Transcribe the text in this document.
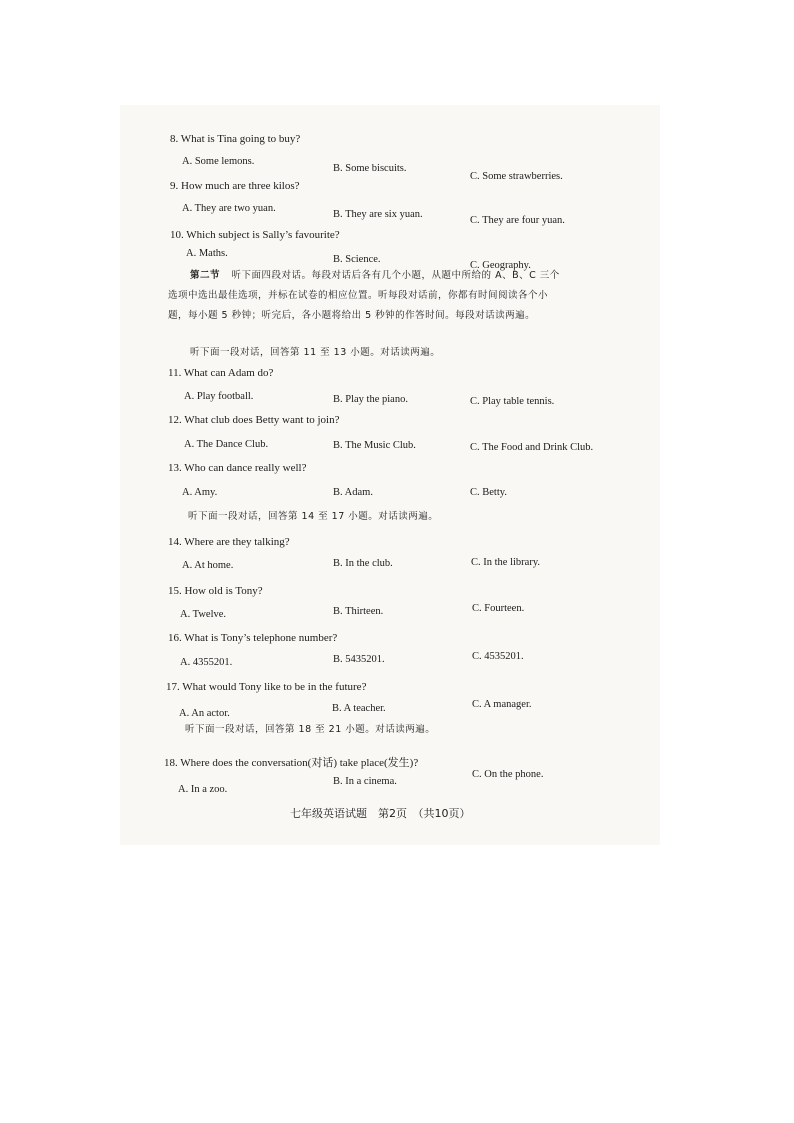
8. What is Tina going to buy?
A. Some lemons.
B. Some biscuits.
C. Some strawberries.
9. How much are three kilos?
A. They are two yuan.
B. They are six yuan.
C. They are four yuan.
10. Which subject is Sally’s favourite?
A. Maths.
B. Science.
C. Geography.
第二节 听下面四段对话。每段对话后各有几个小题，从题中所给的 A、B、C 三个
选项中选出最佳选项，并标在试卷的相应位置。听每段对话前，你都有时间阅读各个小
题，每小题 5 秒钟；听完后，各小题将给出 5 秒钟的作答时间。每段对话读两遍。
听下面一段对话，回答第 11 至 13 小题。对话读两遍。
11. What can Adam do?
A. Play football.	B. Play the piano.	C. Play table tennis.
12. What club does Betty want to join?
A. The Dance Club.	B. The Music Club.	C. The Food and Drink Club.
13. Who can dance really well?
A. Amy.	B. Adam.	C. Betty.
听下面一段对话，回答第 14 至 17 小题。对话读两遍。
14. Where are they talking?
A. At home.	B. In the club.	C. In the library.
15. How old is Tony?
A. Twelve.	B. Thirteen.	C. Fourteen.
16. What is Tony’s telephone number?
A. 4355201.	B. 5435201.	C. 4535201.
17. What would Tony like to be in the future?
A. An actor.	B. A teacher.	C. A manager.
听下面一段对话，回答第 18 至 21 小题。对话读两遍。
18. Where does the conversation(对话) take place(发生)?
A. In a zoo.
B. In a cinema.
C. On the phone.
七年级英语试题　第2页　（共10页）
